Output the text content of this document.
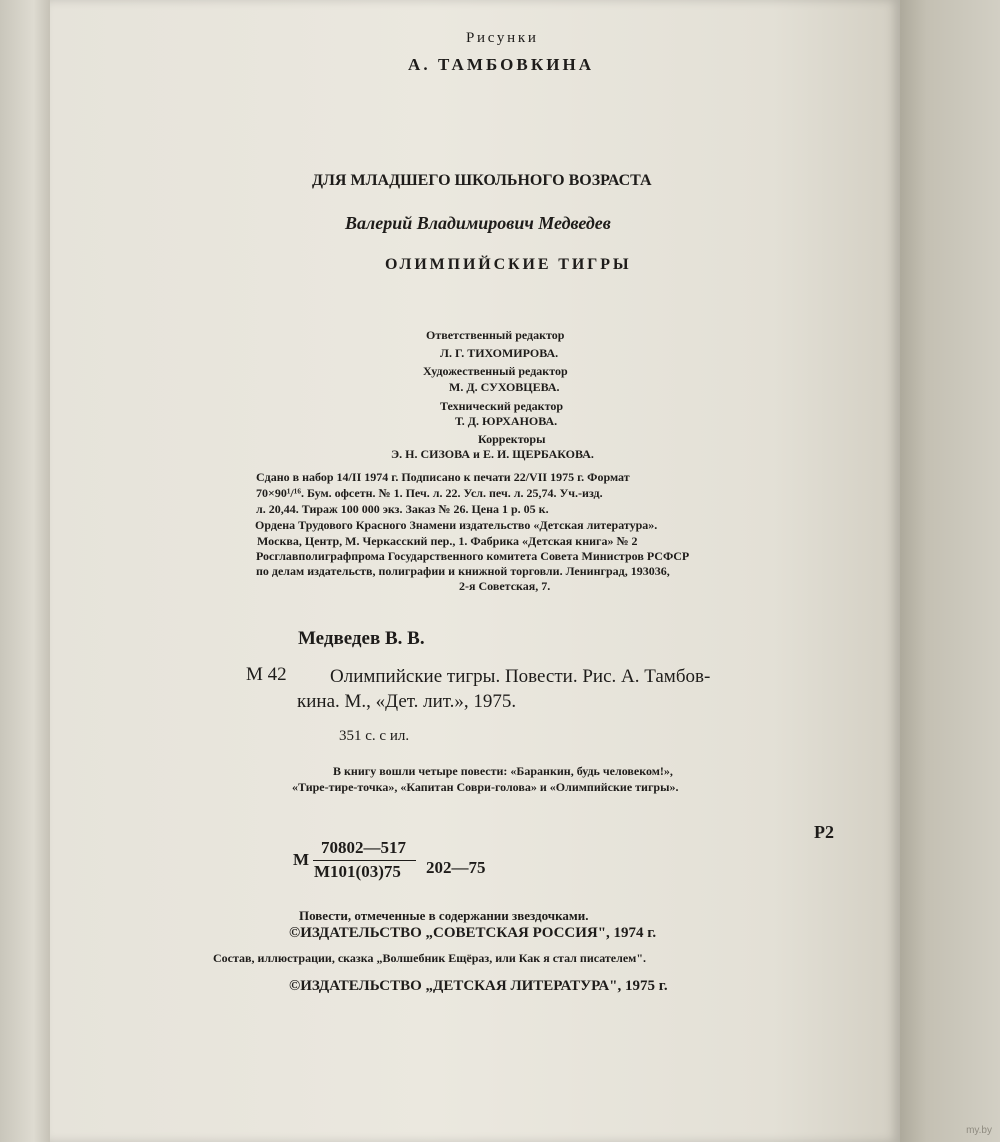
Рисунки

А. ТАМБОВКИНА

ДЛЯ МЛАДШЕГО ШКОЛЬНОГО ВОЗРАСТА

Валерий Владимирович Медведев

ОЛИМПИЙСКИЕ ТИГРЫ

Ответственный редактор

Л. Г. ТИХОМИРОВА.

Художественный редактор

М. Д. СУХОВЦЕВА.

Технический редактор

Т. Д. ЮРХАНОВА.

Корректоры

Э. Н. СИЗОВА и Е. И. ЩЕРБАКОВА.

Сдано в набор 14/II 1974 г. Подписано к печати 22/VII 1975 г. Формат

70×90¹/¹⁶. Бум. офсетн. № 1. Печ. л. 22. Усл. печ. л. 25,74. Уч.-изд.

л. 20,44. Тираж 100 000 экз. Заказ № 26. Цена 1 р. 05 к.

Ордена Трудового Красного Знамени издательство «Детская литература».

Москва, Центр, М. Черкасский пер., 1. Фабрика «Детская книга» № 2

Росглавполиграфпрома Государственного комитета Совета Министров РСФСР

по делам издательств, полиграфии и книжной торговли. Ленинград, 193036,

2-я Советская, 7.

Медведев В. В.

М 42 Олимпийские тигры. Повести. Рис. А. Тамбов-

кина. М., «Дет. лит.», 1975.

351 с. с ил.

В книгу вошли четыре повести: «Баранкин, будь человеком!»,

«Тире-тире-точка», «Капитан Соври-голова» и «Олимпийские тигры».

Р2

М

70802—517

М101(03)75 202—75

Повести, отмеченные в содержании звездочками.

©ИЗДАТЕЛЬСТВО „СОВЕТСКАЯ РОССИЯ", 1974 г.

Состав, иллюстрации, сказка „Волшебник Ещёраз, или Как я стал писателем".

©ИЗДАТЕЛЬСТВО „ДЕТСКАЯ ЛИТЕРАТУРА", 1975 г.

my.by
